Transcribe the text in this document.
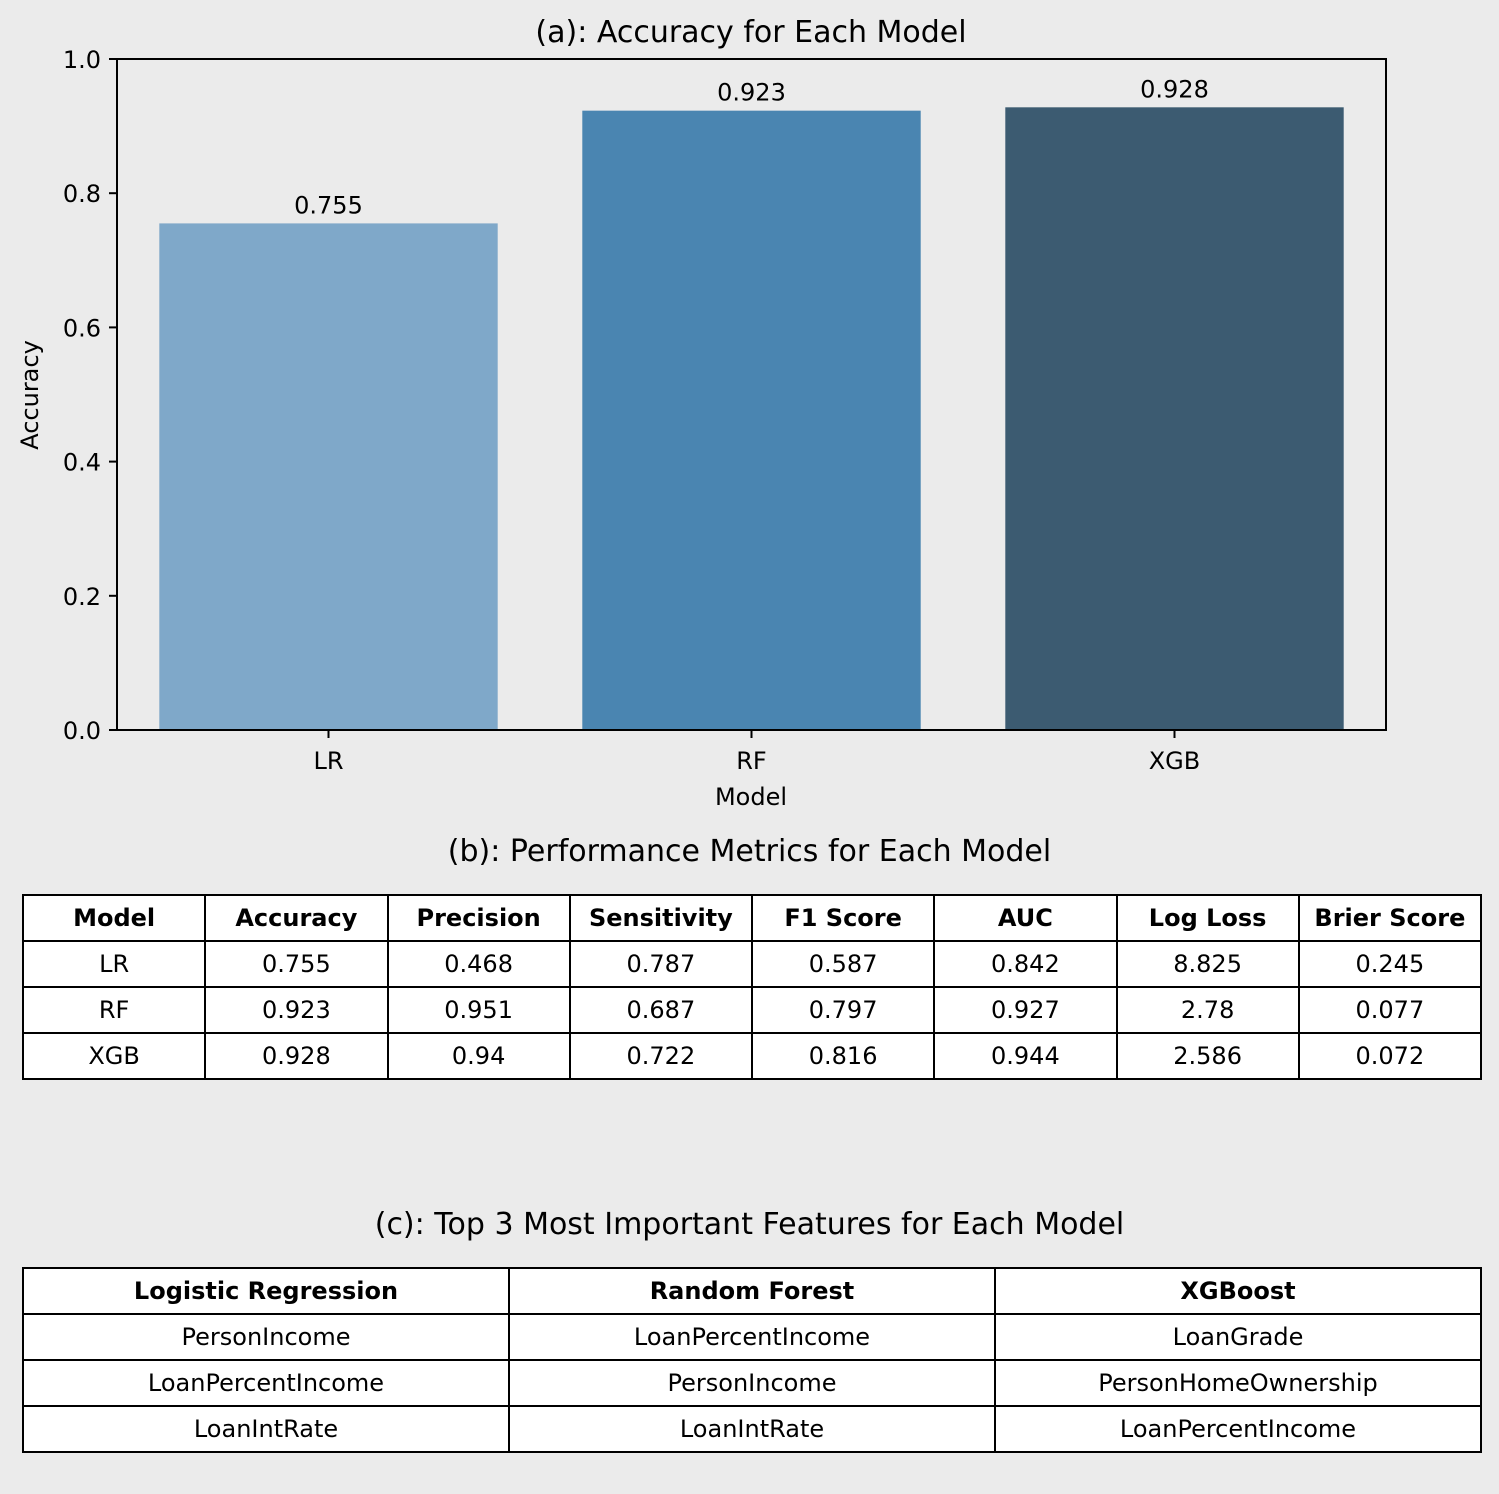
(a): Accuracy for Each Model
0.755
0.923	0.928
0.0
0.2
0.4
0.6
0.8
1.0
LR	RF	XGB
Model
Accuracy
(b): Performance Metrics for Each Model
Model	Accuracy	Precision	Sensitivity	F1 Score	AUC	Log Loss	Brier Score
LR	0.755	0.468	0.787	0.587	0.842	8.825	0.245
RF	0.923	0.951	0.687	0.797	0.927	2.78	0.077
XGB	0.928	0.94	0.722	0.816	0.944	2.586	0.072
(c): Top 3 Most Important Features for Each Model
Logistic Regression	Random Forest	XGBoost
PersonIncome	LoanPercentIncome	LoanGrade
LoanPercentIncome	PersonIncome	PersonHomeOwnership
LoanIntRate	LoanIntRate	LoanPercentIncome
